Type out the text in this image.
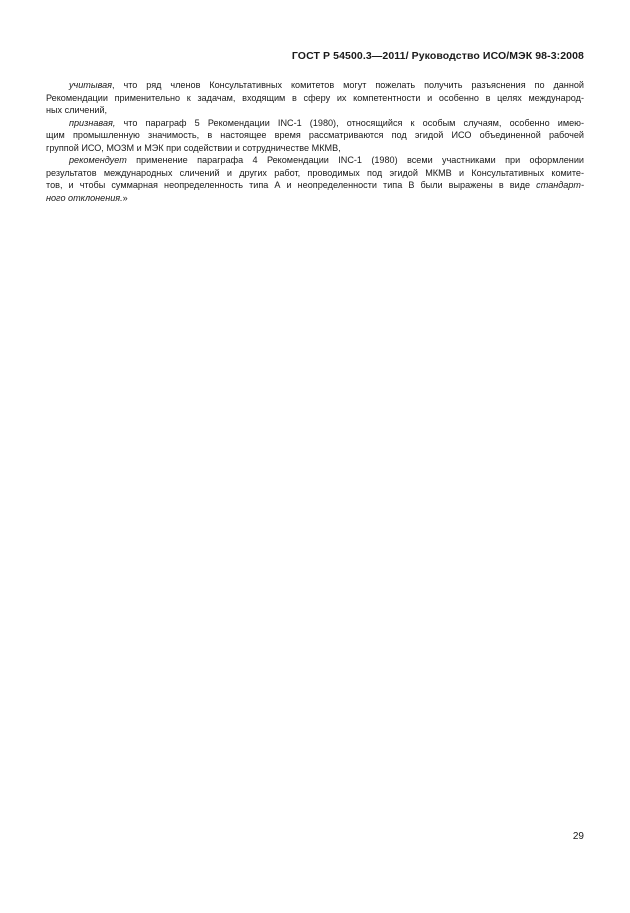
ГОСТ Р 54500.3—2011/ Руководство ИСО/МЭК 98-3:2008
учитывая, что ряд членов Консультативных комитетов могут пожелать получить разъяснения по данной
Рекомендации применительно к задачам, входящим в сферу их компетентности и особенно в целях международ-
ных сличений,
признавая, что параграф 5 Рекомендации INC-1 (1980), относящийся к особым случаям, особенно имею-
щим промышленную значимость, в настоящее время рассматриваются под эгидой ИСО объединенной рабочей
группой ИСО, МОЗМ и МЭК при содействии и сотрудничестве МКМВ,
рекомендует применение параграфа 4 Рекомендации INC-1 (1980) всеми участниками при оформлении
результатов международных сличений и других работ, проводимых под эгидой МКМВ и Консультативных комите-
тов, и чтобы суммарная неопределенность типа А и неопределенности типа В были выражены в виде стандарт-
ного отклонения.»
29
